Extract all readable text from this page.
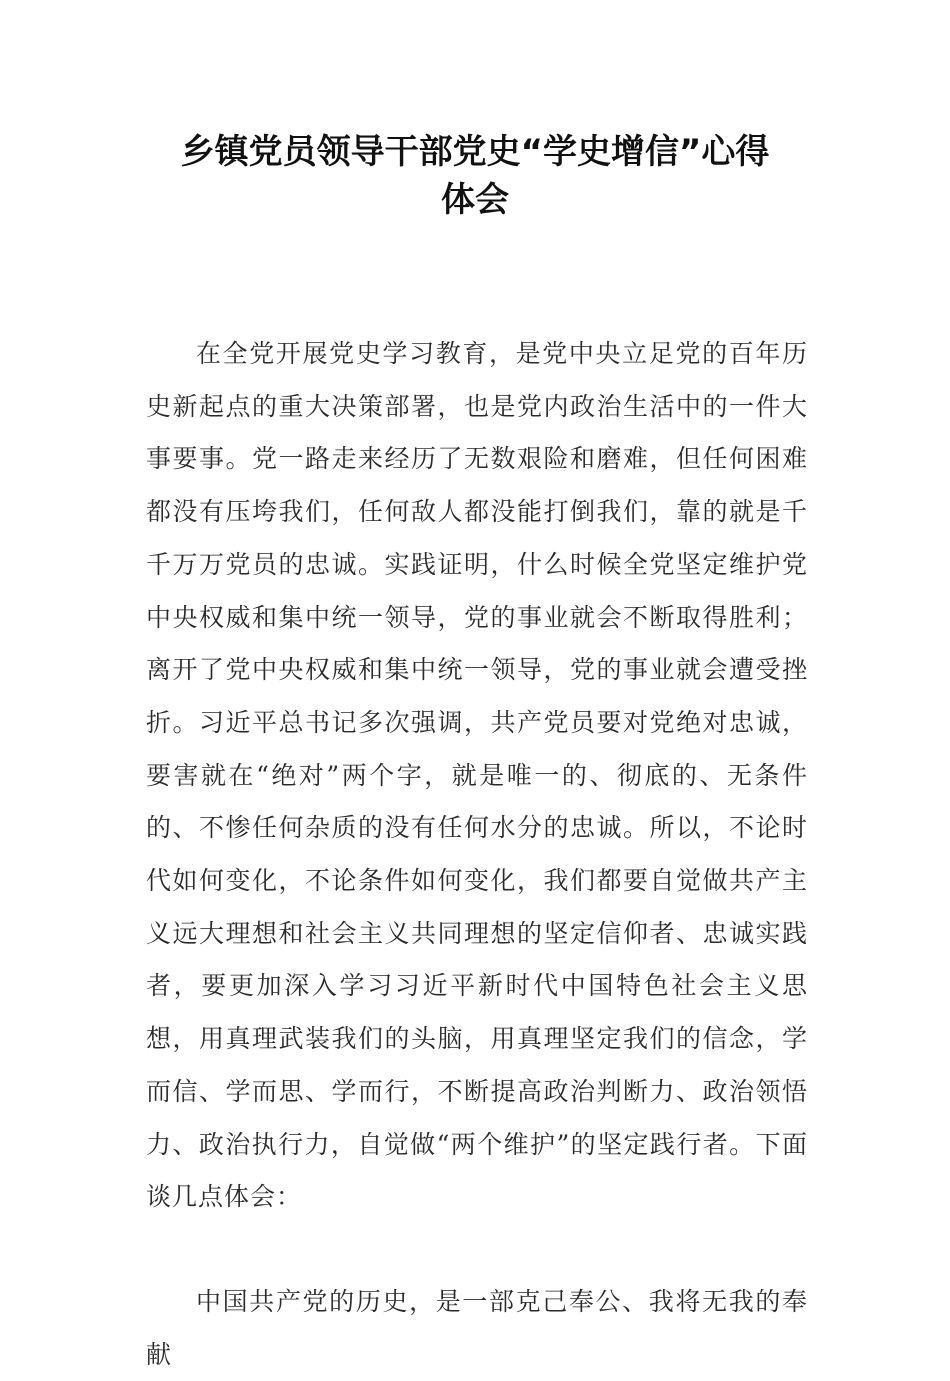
乡镇党员领导干部党史“学史增信”心得
体会

在全党开展党史学习教育，是党中央立足党的百年历史新起点的重大决策部署，也是党内政治生活中的一件大事要事。党一路走来经历了无数艰险和磨难，但任何困难都没有压垮我们，任何敌人都没能打倒我们，靠的就是千千万万党员的忠诚。实践证明，什么时候全党坚定维护党中央权威和集中统一领导，党的事业就会不断取得胜利；离开了党中央权威和集中统一领导，党的事业就会遭受挫折。习近平总书记多次强调，共产党员要对党绝对忠诚，要害就在“绝对”两个字，就是唯一的、彻底的、无条件的、不惨任何杂质的没有任何水分的忠诚。所以，不论时代如何变化，不论条件如何变化，我们都要自觉做共产主义远大理想和社会主义共同理想的坚定信仰者、忠诚实践者，要更加深入学习习近平新时代中国特色社会主义思想，用真理武装我们的头脑，用真理坚定我们的信念，学而信、学而思、学而行，不断提高政治判断力、政治领悟力、政治执行力，自觉做“两个维护”的坚定践行者。下面谈几点体会：

中国共产党的历史，是一部克己奉公、我将无我的奉献
